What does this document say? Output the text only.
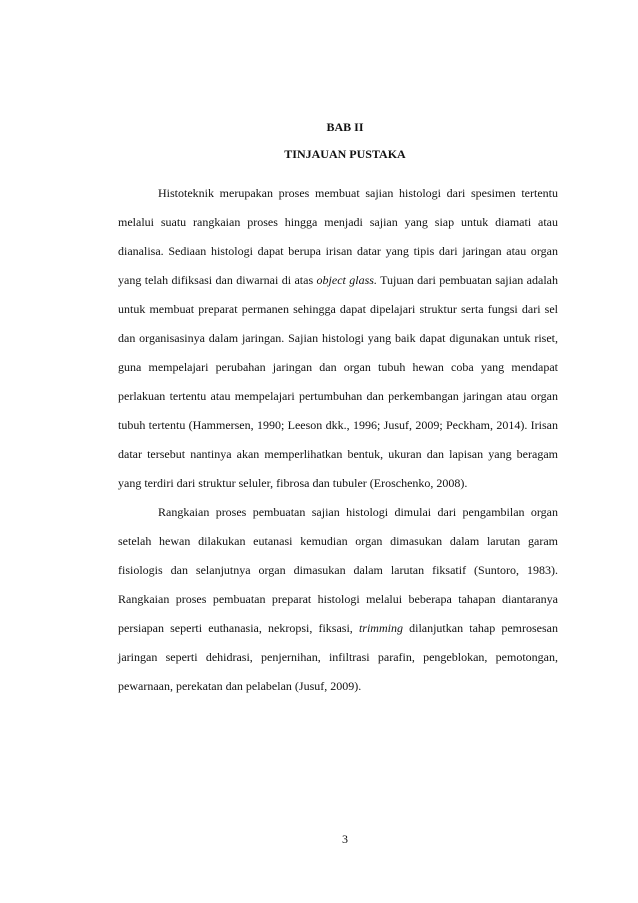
BAB II
TINJAUAN PUSTAKA

Histoteknik merupakan proses membuat sajian histologi dari spesimen tertentu melalui suatu rangkaian proses hingga menjadi sajian yang siap untuk diamati atau dianalisa. Sediaan histologi dapat berupa irisan datar yang tipis dari jaringan atau organ yang telah difiksasi dan diwarnai di atas object glass. Tujuan dari pembuatan sajian adalah untuk membuat preparat permanen sehingga dapat dipelajari struktur serta fungsi dari sel dan organisasinya dalam jaringan. Sajian histologi yang baik dapat digunakan untuk riset, guna mempelajari perubahan jaringan dan organ tubuh hewan coba yang mendapat perlakuan tertentu atau mempelajari pertumbuhan dan perkembangan jaringan atau organ tubuh tertentu (Hammersen, 1990; Leeson dkk., 1996; Jusuf, 2009; Peckham, 2014). Irisan datar tersebut nantinya akan memperlihatkan bentuk, ukuran dan lapisan yang beragam yang terdiri dari struktur seluler, fibrosa dan tubuler (Eroschenko, 2008).

Rangkaian proses pembuatan sajian histologi dimulai dari pengambilan organ setelah hewan dilakukan eutanasi kemudian organ dimasukan dalam larutan garam fisiologis dan selanjutnya organ dimasukan dalam larutan fiksatif (Suntoro, 1983). Rangkaian proses pembuatan preparat histologi melalui beberapa tahapan diantaranya persiapan seperti euthanasia, nekropsi, fiksasi, trimming dilanjutkan tahap pemrosesan jaringan seperti dehidrasi, penjernihan, infiltrasi parafin, pengeblokan, pemotongan, pewarnaan, perekatan dan pelabelan (Jusuf, 2009).

3
